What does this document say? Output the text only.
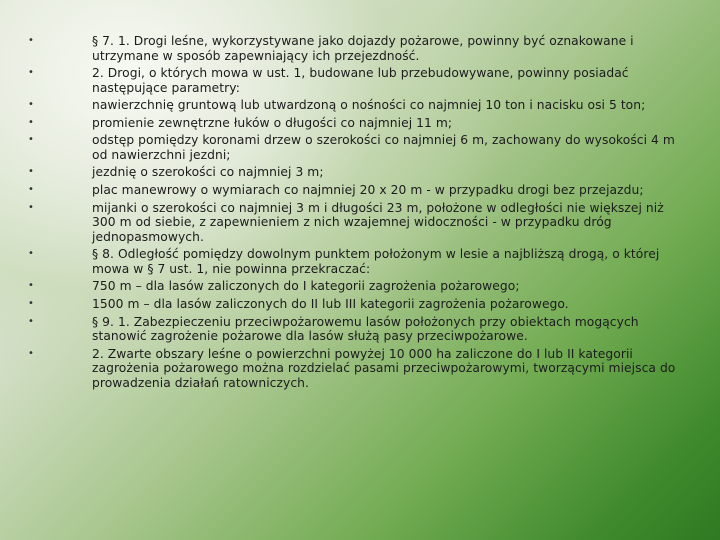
•	§ 7. 1. Drogi leśne, wykorzystywane jako dojazdy pożarowe, powinny być oznakowane i utrzymane w sposób zapewniający ich przejezdność.
•	2. Drogi, o których mowa w ust. 1, budowane lub przebudowywane, powinny posiadać następujące parametry:
•	nawierzchnię gruntową lub utwardzoną o nośności co najmniej 10 ton i nacisku osi 5 ton;
•	promienie zewnętrzne łuków o długości co najmniej 11 m;
•	odstęp pomiędzy koronami drzew o szerokości co najmniej 6 m, zachowany do wysokości 4 m od nawierzchni jezdni;
•	jezdnię o szerokości co najmniej 3 m;
•	plac manewrowy o wymiarach co najmniej 20 x 20 m - w przypadku drogi bez przejazdu;
•	mijanki o szerokości co najmniej 3 m i długości 23 m, położone w odległości nie większej niż 300 m od siebie, z zapewnieniem z nich wzajemnej widoczności - w przypadku dróg jednopasmowych.
•	§ 8. Odległość pomiędzy dowolnym punktem położonym w lesie a najbliższą drogą, o której mowa w § 7 ust. 1, nie powinna przekraczać:
•	750 m – dla lasów zaliczonych do I kategorii zagrożenia pożarowego;
•	1500 m – dla lasów zaliczonych do II lub III kategorii zagrożenia pożarowego.
•	§ 9. 1. Zabezpieczeniu przeciwpożarowemu lasów położonych przy obiektach mogących stanowić zagrożenie pożarowe dla lasów służą pasy przeciwpożarowe.
•	2. Zwarte obszary leśne o powierzchni powyżej 10 000 ha zaliczone do I lub II kategorii zagrożenia pożarowego można rozdzielać pasami przeciwpożarowymi, tworzącymi miejsca do prowadzenia działań ratowniczych.
